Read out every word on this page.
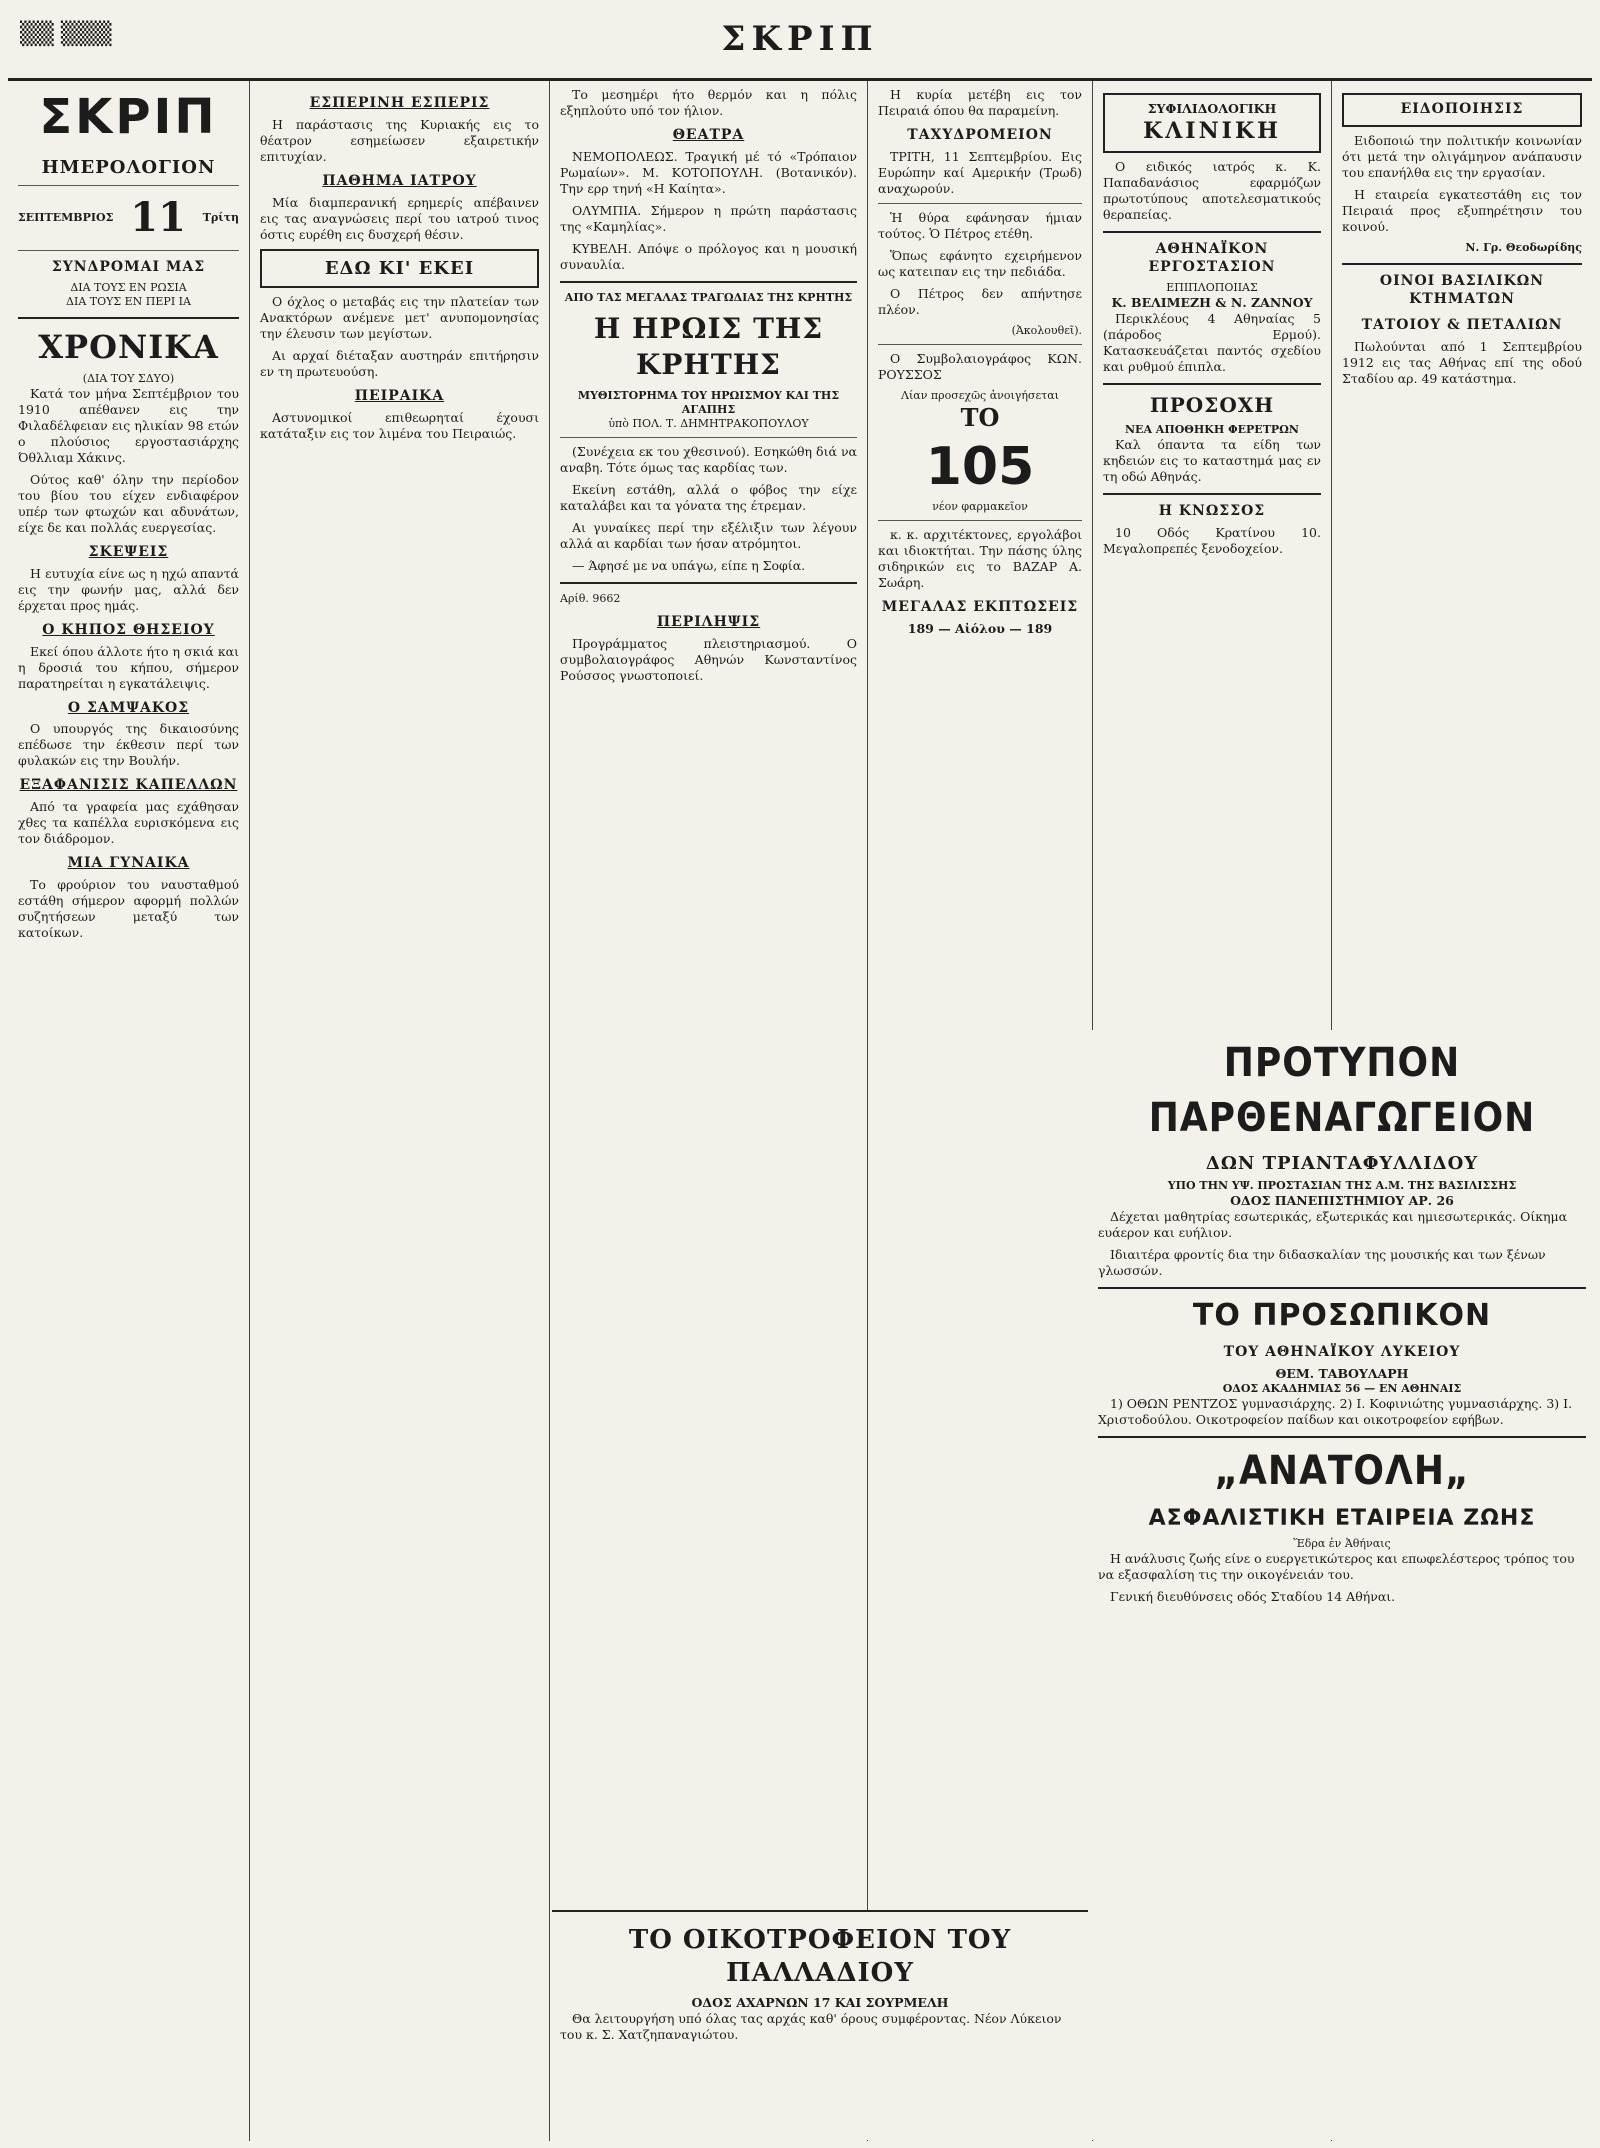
▒▒ ▒▒▒	ΣΚΡΙΠ
ΣΚΡΙΠ
ΗΜΕΡΟΛΟΓΙΟΝ
ΣΕΠΤΕΜΒΡΙΟΣ 11 Τρίτη
ΣΥΝΔΡΟΜΑΙ ΜΑΣ
ΔΙΑ ΤΟΥΣ ΕΝ ΡΩΣΙΑ
ΔΙΑ ΤΟΥΣ ΕΝ ΠΕΡΙ ΙΑ
ΧΡΟΝΙΚΑ
(ΔΙΑ ΤΟΥ ΣΔΥΟ)

Κατά τον μήνα Σεπτέμβριον του 1910 απέθανεν εις την Φιλαδέλφειαν εις ηλικίαν 98 ετών ο πλούσιος εργοστασιάρχης Όθλλιαμ Χάκινς.

Ούτος καθ' όλην την περίοδον του βίου του είχεν ενδιαφέρον υπέρ των φτωχών και αδυνάτων, είχε δε και πολλάς ευεργεσίας.

ΣΚΕΨΕΙΣ

Η ευτυχία είνε ως η ηχώ απαντά εις την φωνήν μας, αλλά δεν έρχεται προς ημάς.

Ο ΚΗΠΟΣ ΘΗΣΕΙΟΥ

Εκεί όπου άλλοτε ήτο η σκιά και η δροσιά του κήπου, σήμερον παρατηρείται η εγκατάλειψις.

Ο ΣΑΜΨΑΚΟΣ

Ο υπουργός της δικαιοσύνης επέδωσε την έκθεσιν περί των φυλακών εις την Βουλήν.

ΕΞΑΦΑΝΙΣΙΣ ΚΑΠΕΛΛΩΝ

Από τα γραφεία μας εχάθησαν χθες τα καπέλλα ευρισκόμενα εις τον διάδρομον.

ΜΙΑ ΓΥΝΑΙΚΑ

Το φρούριον του ναυσταθμού εστάθη σήμερον αφορμή πολλών συζητήσεων μεταξύ των κατοίκων.

ΕΣΠΕΡΙΝΗ ΕΣΠΕΡΙΣ

Η παράστασις της Κυριακής εις το θέατρον εσημείωσεν εξαιρετικήν επιτυχίαν.

ΠΑΘΗΜΑ ΙΑΤΡΟΥ

Μία διαμπερανική ερημερίς απέβαινεν εις τας αναγνώσεις περί του ιατρού τινος όστις ευρέθη εις δυσχερή θέσιν.

ΕΔΩ ΚΙ' ΕΚΕΙ

Ο όχλος ο μεταβάς εις την πλατείαν των Ανακτόρων ανέμενε μετ' ανυπομονησίας την έλευσιν των μεγίστων.

Αι αρχαί διέταξαν αυστηράν επιτήρησιν εν τη πρωτευούση.

ΠΕΙΡΑΙΚΑ

Αστυνομικοί επιθεωρηταί έχουσι κατάταξιν εις τον λιμένα του Πειραιώς.

Το μεσημέρι ήτο θερμόν και η πόλις εξηπλούτο υπό τον ήλιον.

ΘΕΑΤΡΑ

ΝΕΜΟΠΟΛΕΩΣ. Τραγική μέ τό «Τρόπαιον Ρωμαίων». Μ. ΚΟΤΟΠΟΥΛΗ. (Βοτανικόν). Την ερρ τηνή «Η Καίητα».

ΟΛΥΜΠΙΑ. Σήμερον η πρώτη παράστασις της «Καμηλίας».

ΚΥΒΕΛΗ. Απόψε ο πρόλογος και η μουσική συναυλία.

ΑΠΟ ΤΑΣ ΜΕΓΑΛΑΣ ΤΡΑΓΩΔΙΑΣ ΤΗΣ ΚΡΗΤΗΣ
Η ΗΡΩΙΣ ΤΗΣ ΚΡΗΤΗΣ
ΜΥΘΙΣΤΟΡΗΜΑ ΤΟΥ ΗΡΩΙΣΜΟΥ ΚΑΙ ΤΗΣ ΑΓΑΠΗΣ
ὑπὸ ΠΟΛ. Τ. ΔΗΜΗΤΡΑΚΟΠΟΥΛΟΥ

(Συνέχεια εκ του χθεσινού). Εσηκώθη διά να αναβη. Τότε όμως τας καρδίας των.

Εκείνη εστάθη, αλλά ο φόβος την είχε καταλάβει και τα γόνατα της έτρεμαν.

Αι γυναίκες περί την εξέλιξιν των λέγουν αλλά αι καρδίαι των ήσαν ατρόμητοι.

— Άφησέ με να υπάγω, είπε η Σοφία.

Αρίθ. 9662
ΠΕΡΙΛΗΨΙΣ

Προγράμματος πλειστηριασμού. Ο συμβολαιογράφος Αθηνών Κωνσταντίνος Ρούσσος γνωστοποιεί.

Η κυρία μετέβη εις τον Πειραιά όπου θα παραμείνη.

ΤΑΧΥΔΡΟΜΕΙΟΝ

ΤΡΙΤΗ, 11 Σεπτεμβρίου. Εις Ευρώπην καί Αμερικήν (Τρωδ) αναχωρούν.

Ἡ θύρα εφάνησαν ήμιαν τούτος. Ὁ Πέτρος ετέθη.

Ὅπως εφάνητο εχειρήμενον ως κατειπαν εις την πεδιάδα.

Ο Πέτρος δεν απήντησε πλέον.

(Ἀκολουθεῖ).

Ο Συμβολαιογράφος ΚΩΝ. ΡΟΥΣΣΟΣ

Λίαν προσεχῶς ἀνοιγήσεται
ΤΟ
105
νέον φαρμακεῖον

κ. κ. αρχιτέκτονες, εργολάβοι και ιδιοκτήται. Την πάσης ύλης σιδηρικών εις το ΒΑΖΑΡ Α. Σωάρη.

ΜΕΓΑΛΑΣ ΕΚΠΤΩΣΕΙΣ
189 — Αἰόλου — 189
ΣΥΦΙΛΙΔΟΛΟΓΙΚΗ
ΚΛΙΝΙΚΗ

Ο ειδικός ιατρός κ. Κ. Παπαδανάσιος εφαρμόζων πρωτοτύπους αποτελεσματικούς θεραπείας.

ΑΘΗΝΑΪΚΟΝ ΕΡΓΟΣΤΑΣΙΟΝ
ΕΠΙΠΛΟΠΟΙΙΑΣ
Κ. ΒΕΛΙΜΕΖΗ & Ν. ΖΑΝΝΟΥ

Περικλέους 4 Αθηναίας 5 (πάροδος Ερμού). Κατασκευάζεται παντός σχεδίου και ρυθμού έπιπλα.

ΠΡΟΣΟΧΗ
ΝΕΑ ΑΠΟΘΗΚΗ ΦΕΡΕΤΡΩΝ

Καλ όπαντα τα είδη των κηδειών εις το καταστημά μας εν τη οδώ Αθηνάς.

Η ΚΝΩΣΣΟΣ

10 Οδός Κρατίνου 10. Μεγαλοπρεπές ξενοδοχείον.

ΕΙΔΟΠΟΙΗΣΙΣ

Ειδοποιώ την πολιτικήν κοινωνίαν ότι μετά την ολιγάμηνον ανάπαυσιν του επανήλθα εις την εργασίαν.

Η εταιρεία εγκατεστάθη εις τον Πειραιά προς εξυπηρέτησιν του κοινού.

Ν. Γρ. Θεοδωρίδης
ΟΙΝΟΙ ΒΑΣΙΛΙΚΩΝ ΚΤΗΜΑΤΩΝ
ΤΑΤΟΙΟΥ & ΠΕΤΑΛΙΩΝ

Πωλούνται από 1 Σεπτεμβρίου 1912 εις τας Αθήνας επί της οδού Σταδίου αρ. 49 κατάστημα.

ΠΡΟΤΥΠΟΝ
ΠΑΡΘΕΝΑΓΩΓΕΙΟΝ
ΔΩΝ ΤΡΙΑΝΤΑΦΥΛΛΙΔΟΥ
ΥΠΟ ΤΗΝ ΥΨ. ΠΡΟΣΤΑΣΙΑΝ ΤΗΣ Α.Μ. ΤΗΣ ΒΑΣΙΛΙΣΣΗΣ
ΟΔΟΣ ΠΑΝΕΠΙΣΤΗΜΙΟΥ ΑΡ. 26

Δέχεται μαθητρίας εσωτερικάς, εξωτερικάς και ημιεσωτερικάς. Οίκημα ευάερον και ευήλιον.

Ιδιαιτέρα φροντίς δια την διδασκαλίαν της μουσικής και των ξένων γλωσσών.

ΤΟ ΠΡΟΣΩΠΙΚΟΝ
ΤΟΥ ΑΘΗΝΑΪΚΟΥ ΛΥΚΕΙΟΥ
ΘΕΜ. ΤΑΒΟΥΛΑΡΗ
ΟΔΟΣ ΑΚΑΔΗΜΙΑΣ 56 — ΕΝ ΑΘΗΝΑΙΣ

1) ΟΘΩΝ ΡΕΝΤΖΟΣ γυμνασιάρχης. 2) Ι. Κοφινιώτης γυμνασιάρχης. 3) Ι. Χριστοδούλου. Οικοτροφείον παίδων και οικοτροφείον εφήβων.

„ΑΝΑΤΟΛΗ„
ΑΣΦΑΛΙΣΤΙΚΗ ΕΤΑΙΡΕΙΑ ΖΩΗΣ
Ἕδρα ἐν Ἀθήναις

Η ανάλυσις ζωής είνε ο ευεργετικώτερος και επωφελέστερος τρόπος του να εξασφαλίση τις την οικογένειάν του.

Γενική διευθύνσεις οδός Σταδίου 14 Αθήναι.

ΤΟ ΟΙΚΟΤΡΟΦΕΙΟΝ ΤΟΥ ΠΑΛΛΑΔΙΟΥ
ΟΔΟΣ ΑΧΑΡΝΩΝ 17 ΚΑΙ ΣΟΥΡΜΕΛΗ

Θα λειτουργήση υπό όλας τας αρχάς καθ' όρους συμφέροντας. Νέον Λύκειον του κ. Σ. Χατζηπαναγιώτου.
